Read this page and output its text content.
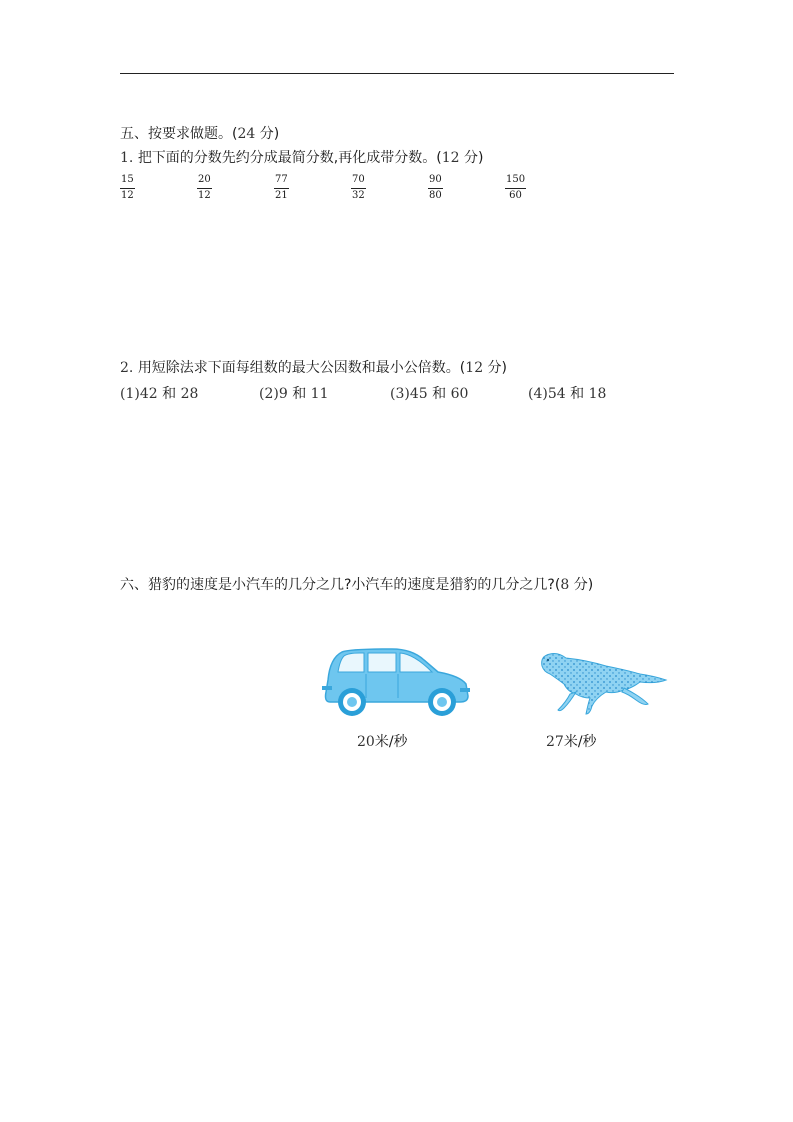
五、按要求做题。(24 分)
1. 把下面的分数先约分成最简分数,再化成带分数。(12 分)
15
12
20
12
77
21
70
32
90
80
150
60
2. 用短除法求下面每组数的最大公因数和最小公倍数。(12 分)
(1)42 和 28	(2)9 和 11	(3)45 和 60	(4)54 和 18
六、猎豹的速度是小汽车的几分之几?小汽车的速度是猎豹的几分之几?(8 分)
20米/秒	27米/秒
